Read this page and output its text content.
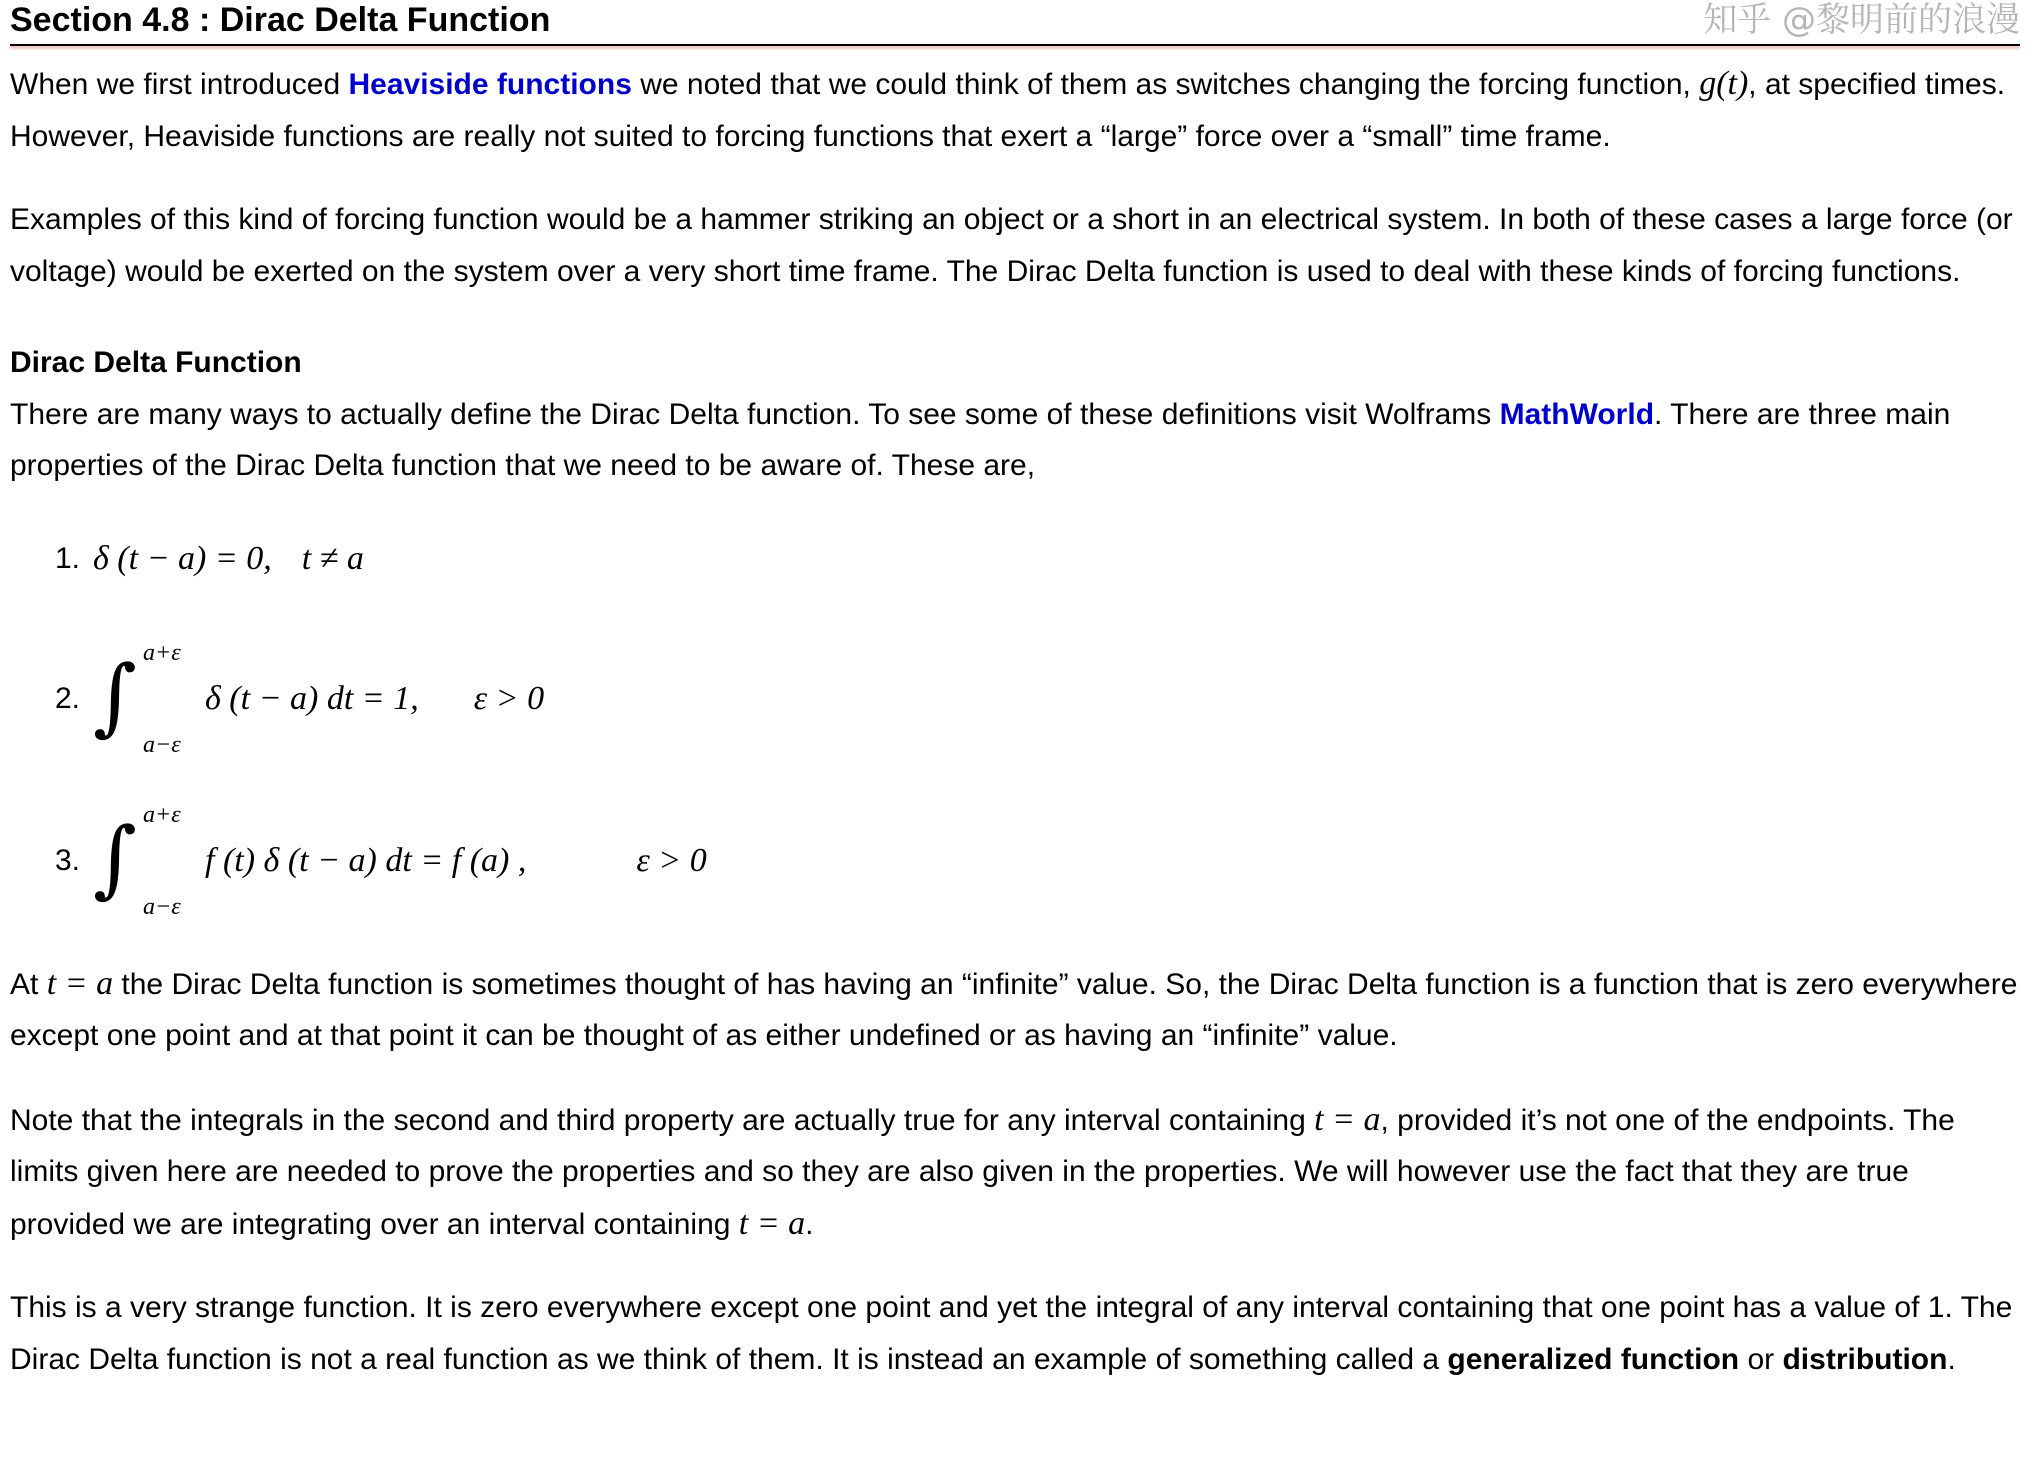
Section 4.8 : Dirac Delta Function	知乎 @黎明前的浪漫

When we first introduced Heaviside functions we noted that we could think of them as switches changing the forcing function, g(t), at specified times. However, Heaviside functions are really not suited to forcing functions that exert a “large” force over a “small” time frame.

Examples of this kind of forcing function would be a hammer striking an object or a short in an electrical system. In both of these cases a large force (or voltage) would be exerted on the system over a very short time frame. The Dirac Delta function is used to deal with these kinds of forcing functions.

Dirac Delta Function

There are many ways to actually define the Dirac Delta function. To see some of these definitions visit Wolframs MathWorld. There are three main properties of the Dirac Delta function that we need to be aware of. These are,

1. δ (t − a) = 0, t ≠ a
2. ∫ a+ε
a−ε
δ (t − a) dt = 1, ε > 0
3. ∫ a+ε
a−ε
f (t) δ (t − a) dt = f (a) ,	ε > 0

At t = a the Dirac Delta function is sometimes thought of has having an “infinite” value. So, the Dirac Delta function is a function that is zero everywhere except one point and at that point it can be thought of as either undefined or as having an “infinite” value.

Note that the integrals in the second and third property are actually true for any interval containing t = a, provided it’s not one of the endpoints. The limits given here are needed to prove the properties and so they are also given in the properties. We will however use the fact that they are true provided we are integrating over an interval containing t = a.

This is a very strange function. It is zero everywhere except one point and yet the integral of any interval containing that one point has a value of 1. The Dirac Delta function is not a real function as we think of them. It is instead an example of something called a generalized function or distribution.
